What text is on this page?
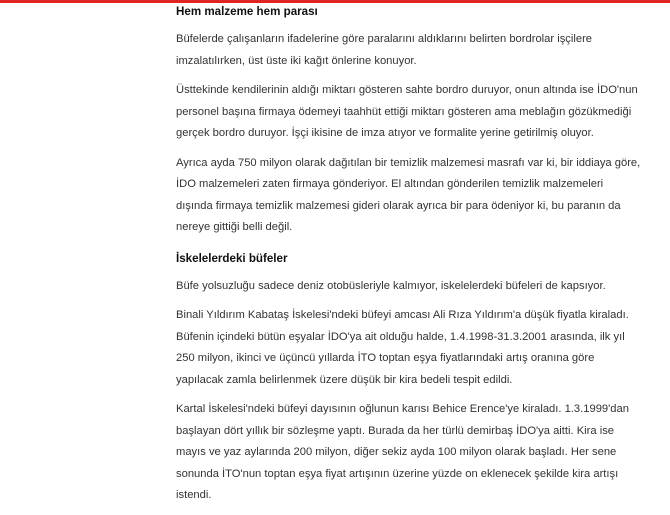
Hem malzeme hem parası

Büfelerde çalışanların ifadelerine göre paralarını aldıklarını belirten bordrolar işçilere imzalatılırken, üst üste iki kağıt önlerine konuyor.

Üsttekinde kendilerinin aldığı miktarı gösteren sahte bordro duruyor, onun altında ise İDO'nun personel başına firmaya ödemeyi taahhüt ettiği miktarı gösteren ama meblağın gözükmediği gerçek bordro duruyor. İşçi ikisine de imza atıyor ve formalite yerine getirilmiş oluyor.

Ayrıca ayda 750 milyon olarak dağıtılan bir temizlik malzemesi masrafı var ki, bir iddiaya göre, İDO malzemeleri zaten firmaya gönderiyor. El altından gönderilen temizlik malzemeleri dışında firmaya temizlik malzemesi gideri olarak ayrıca bir para ödeniyor ki, bu paranın da nereye gittiği belli değil.

İskelelerdeki büfeler

Büfe yolsuzluğu sadece deniz otobüsleriyle kalmıyor, iskelelerdeki büfeleri de kapsıyor.

Binali Yıldırım Kabataş İskelesi'ndeki büfeyi amcası Ali Rıza Yıldırım'a düşük fiyatla kiraladı. Büfenin içindeki bütün eşyalar İDO'ya ait olduğu halde, 1.4.1998-31.3.2001 arasında, ilk yıl 250 milyon, ikinci ve üçüncü yıllarda İTO toptan eşya fiyatlarındaki artış oranına göre yapılacak zamla belirlenmek üzere düşük bir kira bedeli tespit edildi.

Kartal İskelesi'ndeki büfeyi dayısının oğlunun karısı Behice Erence'ye kiraladı. 1.3.1999'dan başlayan dört yıllık bir sözleşme yaptı. Burada da her türlü demirbaş İDO'ya aitti. Kira ise mayıs ve yaz aylarında 200 milyon, diğer sekiz ayda 100 milyon olarak başladı. Her sene sonunda İTO'nun toptan eşya fiyat artışının üzerine yüzde on eklenecek şekilde kira artışı istendi.
